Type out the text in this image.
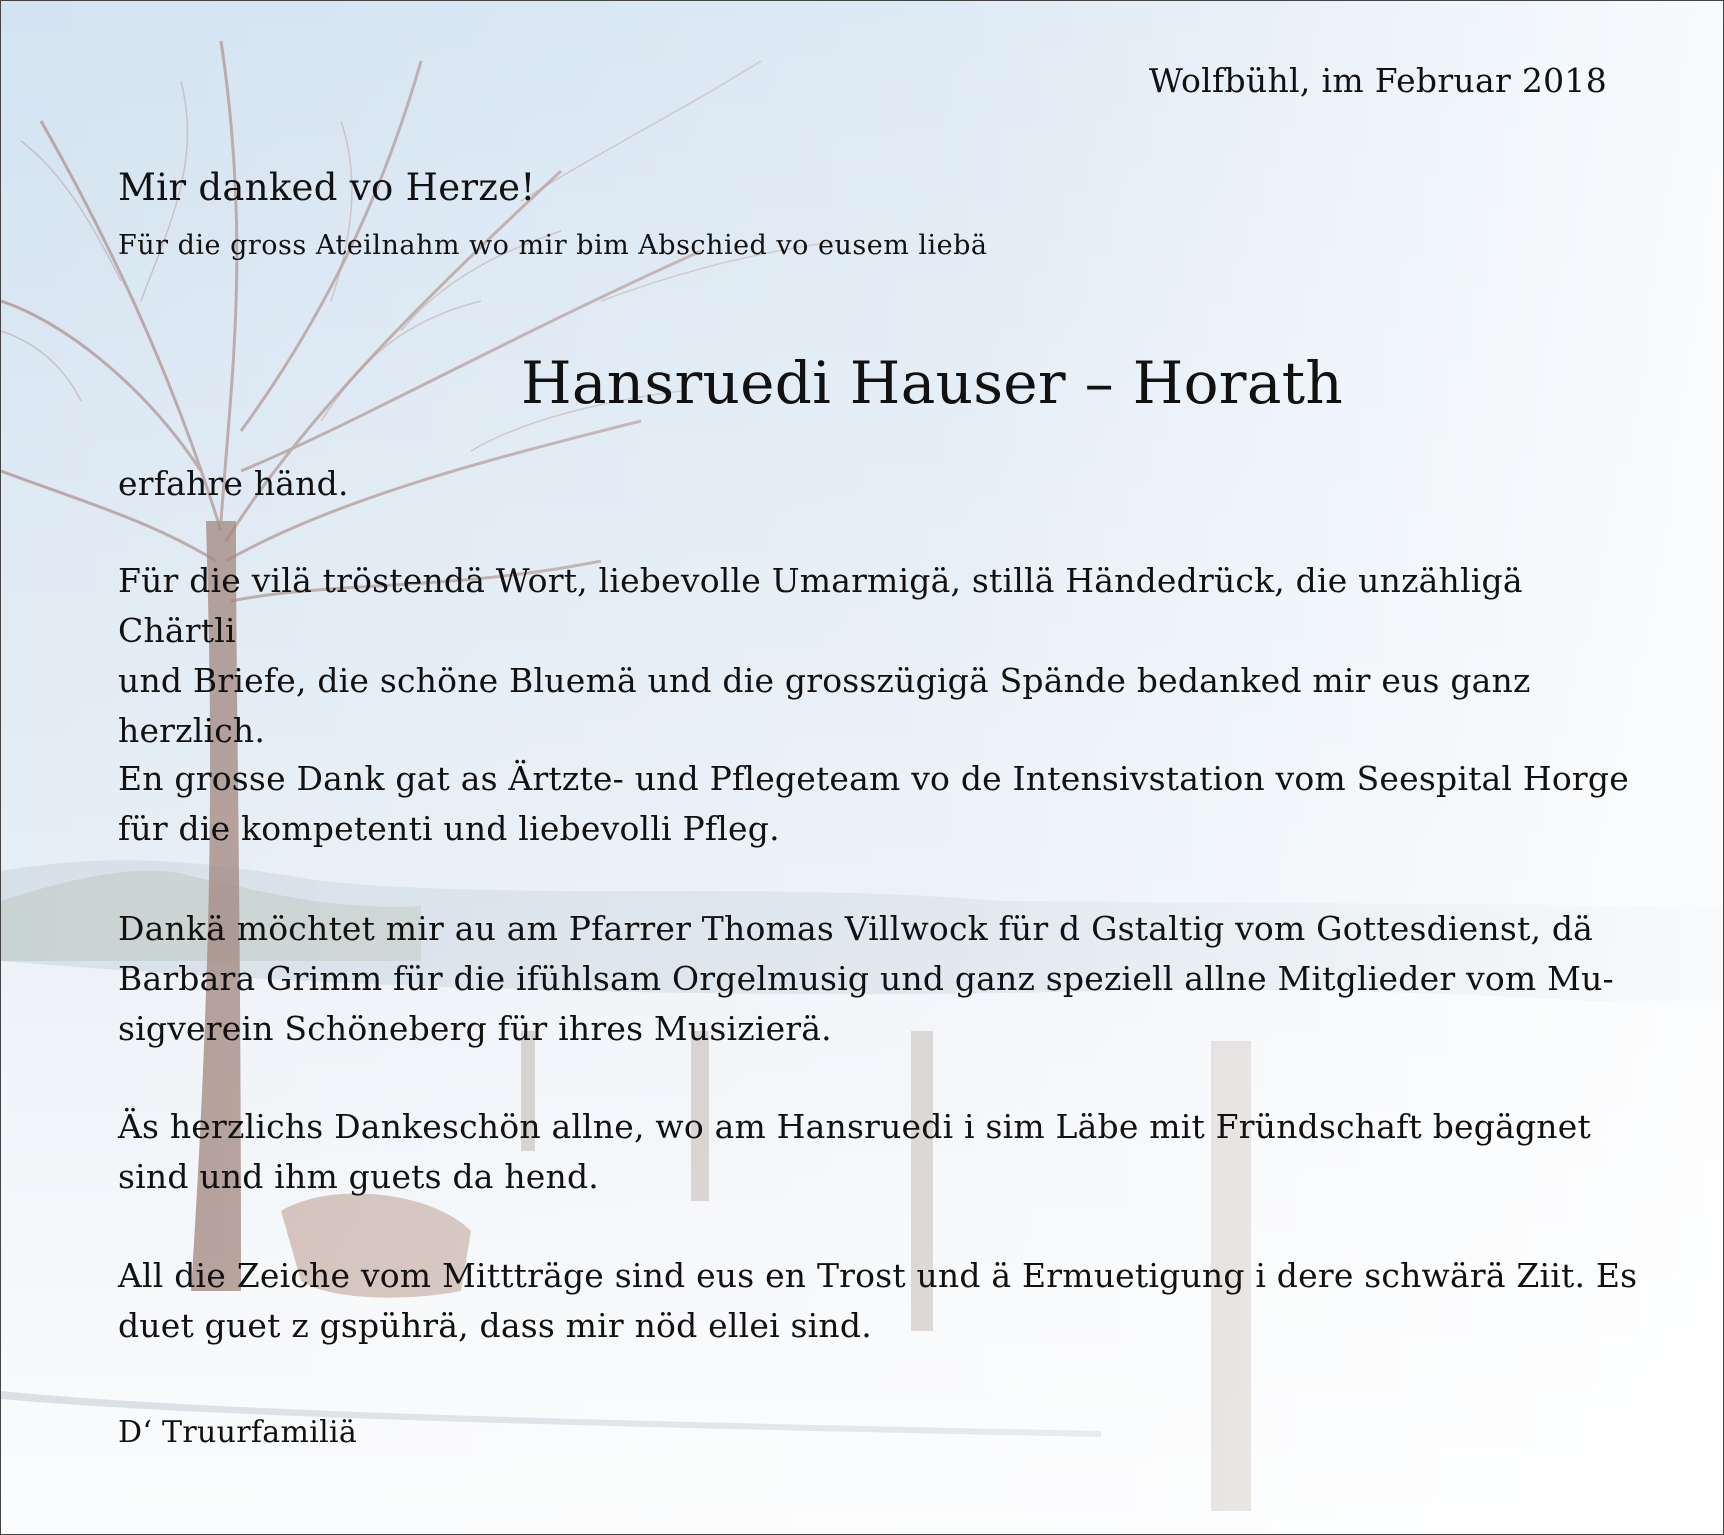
Wolfbühl, im Februar 2018
Mir danked vo Herze!
Für die gross Ateilnahm wo mir bim Abschied vo eusem liebä
Hansruedi Hauser – Horath

erfahre händ.

Für die vilä tröstendä Wort, liebevolle Umarmigä, stillä Händedrück, die unzähligä Chärtli
und Briefe, die schöne Bluemä und die grosszügigä Spände bedanked mir eus ganz
herzlich.

En grosse Dank gat as Ärtzte- und Pflegeteam vo de Intensivstation vom Seespital Horge
für die kompetenti und liebevolli Pfleg.

Dankä möchtet mir au am Pfarrer Thomas Villwock für d Gstaltig vom Gottesdienst, dä
Barbara Grimm für die ifühlsam Orgelmusig und ganz speziell allne Mitglieder vom Mu-
sigverein Schöneberg für ihres Musizierä.

Äs herzlichs Dankeschön allne, wo am Hansruedi i sim Läbe mit Fründschaft begägnet
sind und ihm guets da hend.

All die Zeiche vom Mittträge sind eus en Trost und ä Ermuetigung i dere schwärä Ziit. Es
duet guet z gspührä, dass mir nöd ellei sind.

D‘ Truurfamiliä
